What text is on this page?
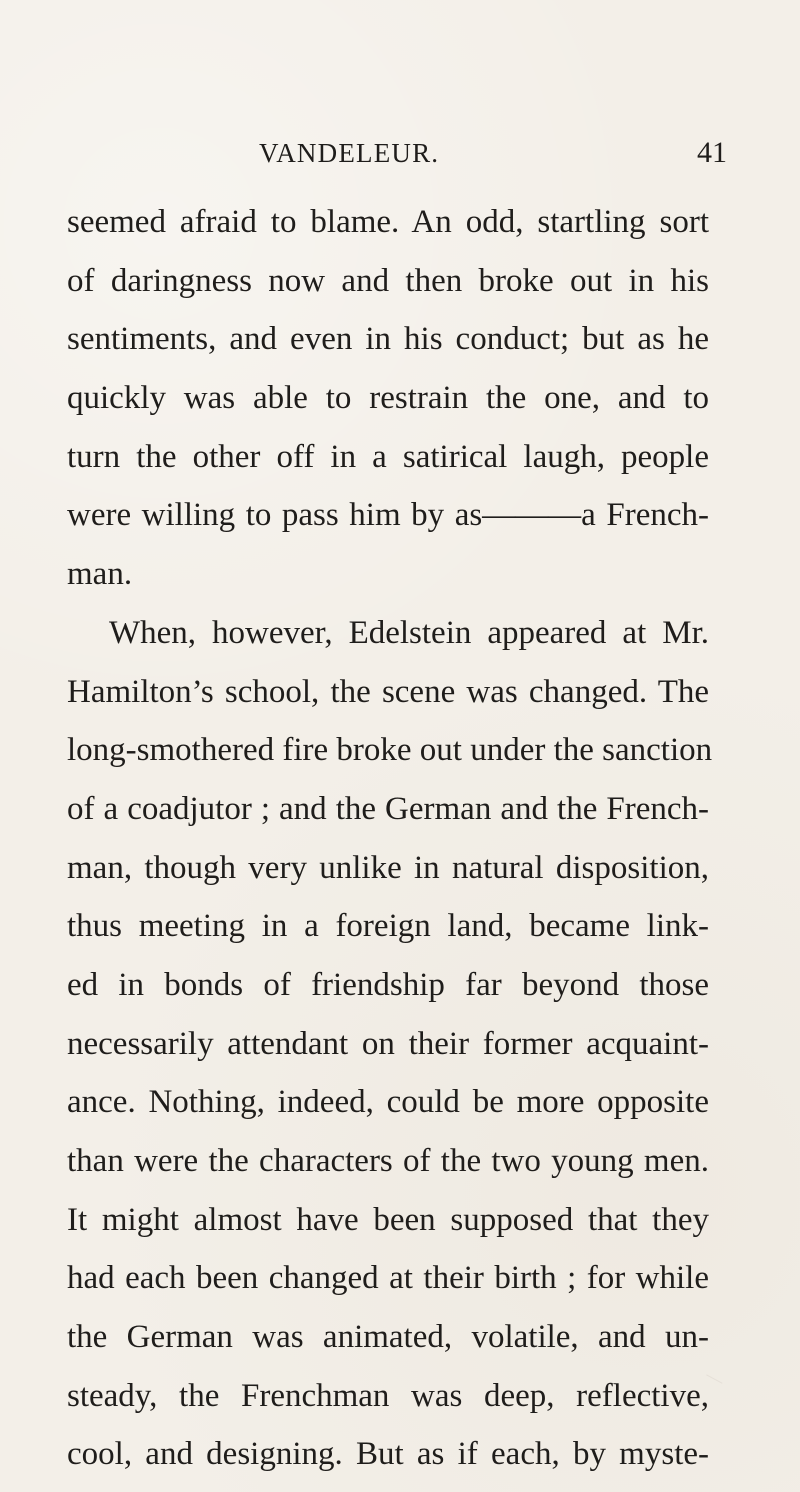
VANDELEUR.	41
seemed afraid to blame. An odd, startling sort
of daringness now and then broke out in his
sentiments, and even in his conduct; but as he
quickly was able to restrain the one, and to
turn the other off in a satirical laugh, people
were willing to pass him by as———a French-
man.
When, however, Edelstein appeared at Mr.
Hamilton’s school, the scene was changed. The
long-smothered fire broke out under the sanction
of a coadjutor ; and the German and the French-
man, though very unlike in natural disposition,
thus meeting in a foreign land, became link-
ed in bonds of friendship far beyond those
necessarily attendant on their former acquaint-
ance. Nothing, indeed, could be more opposite
than were the characters of the two young men.
It might almost have been supposed that they
had each been changed at their birth ; for while
the German was animated, volatile, and un-
steady, the Frenchman was deep, reflective,
cool, and designing. But as if each, by myste-
